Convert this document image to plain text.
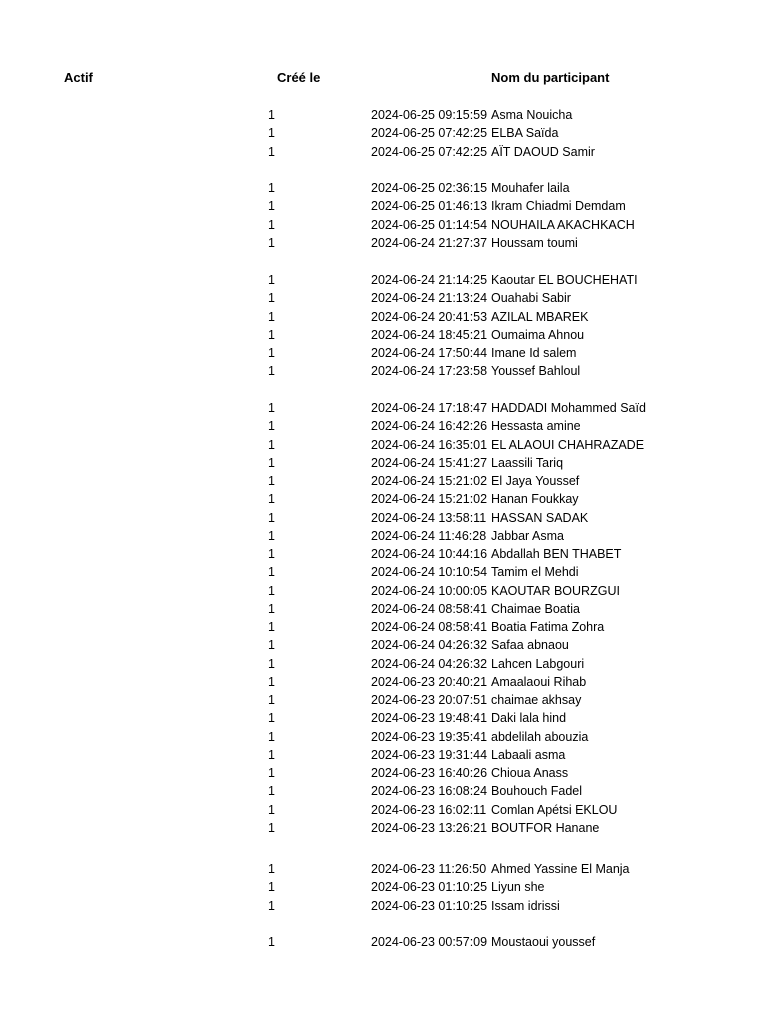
Actif	Créé le	Nom du participant
1	2024-06-25 09:15:59 Asma Nouicha
1	2024-06-25 07:42:25 ELBA Saïda
1	2024-06-25 07:42:25 AÏT DAOUD Samir
1	2024-06-25 02:36:15 Mouhafer laila
1	2024-06-25 01:46:13 Ikram Chiadmi Demdam
1	2024-06-25 01:14:54 NOUHAILA AKACHKACH
1	2024-06-24 21:27:37 Houssam toumi
1	2024-06-24 21:14:25 Kaoutar EL BOUCHEHATI
1	2024-06-24 21:13:24 Ouahabi Sabir
1	2024-06-24 20:41:53 AZILAL MBAREK
1	2024-06-24 18:45:21 Oumaima Ahnou
1	2024-06-24 17:50:44 Imane Id salem
1	2024-06-24 17:23:58 Youssef Bahloul
1	2024-06-24 17:18:47 HADDADI Mohammed Saïd
1	2024-06-24 16:42:26 Hessasta amine
1	2024-06-24 16:35:01 EL ALAOUI CHAHRAZADE
1	2024-06-24 15:41:27 Laassili Tariq
1	2024-06-24 15:21:02 El Jaya Youssef
1	2024-06-24 15:21:02 Hanan Foukkay
1	2024-06-24 13:58:11 HASSAN SADAK
1	2024-06-24 11:46:28 Jabbar Asma
1	2024-06-24 10:44:16 Abdallah BEN THABET
1	2024-06-24 10:10:54 Tamim el Mehdi
1	2024-06-24 10:00:05 KAOUTAR BOURZGUI
1	2024-06-24 08:58:41 Chaimae Boatia
1	2024-06-24 08:58:41 Boatia Fatima Zohra
1	2024-06-24 04:26:32 Safaa abnaou
1	2024-06-24 04:26:32 Lahcen Labgouri
1	2024-06-23 20:40:21 Amaalaoui Rihab
1	2024-06-23 20:07:51 chaimae akhsay
1	2024-06-23 19:48:41 Daki lala hind
1	2024-06-23 19:35:41 abdelilah abouzia
1	2024-06-23 19:31:44 Labaali asma
1	2024-06-23 16:40:26 Chioua Anass
1	2024-06-23 16:08:24 Bouhouch Fadel
1	2024-06-23 16:02:11 Comlan Apétsi EKLOU
1	2024-06-23 13:26:21 BOUTFOR Hanane
1	2024-06-23 11:26:50 Ahmed Yassine El Manja
1	2024-06-23 01:10:25 Liyun she
1	2024-06-23 01:10:25 Issam idrissi
1	2024-06-23 00:57:09 Moustaoui youssef
